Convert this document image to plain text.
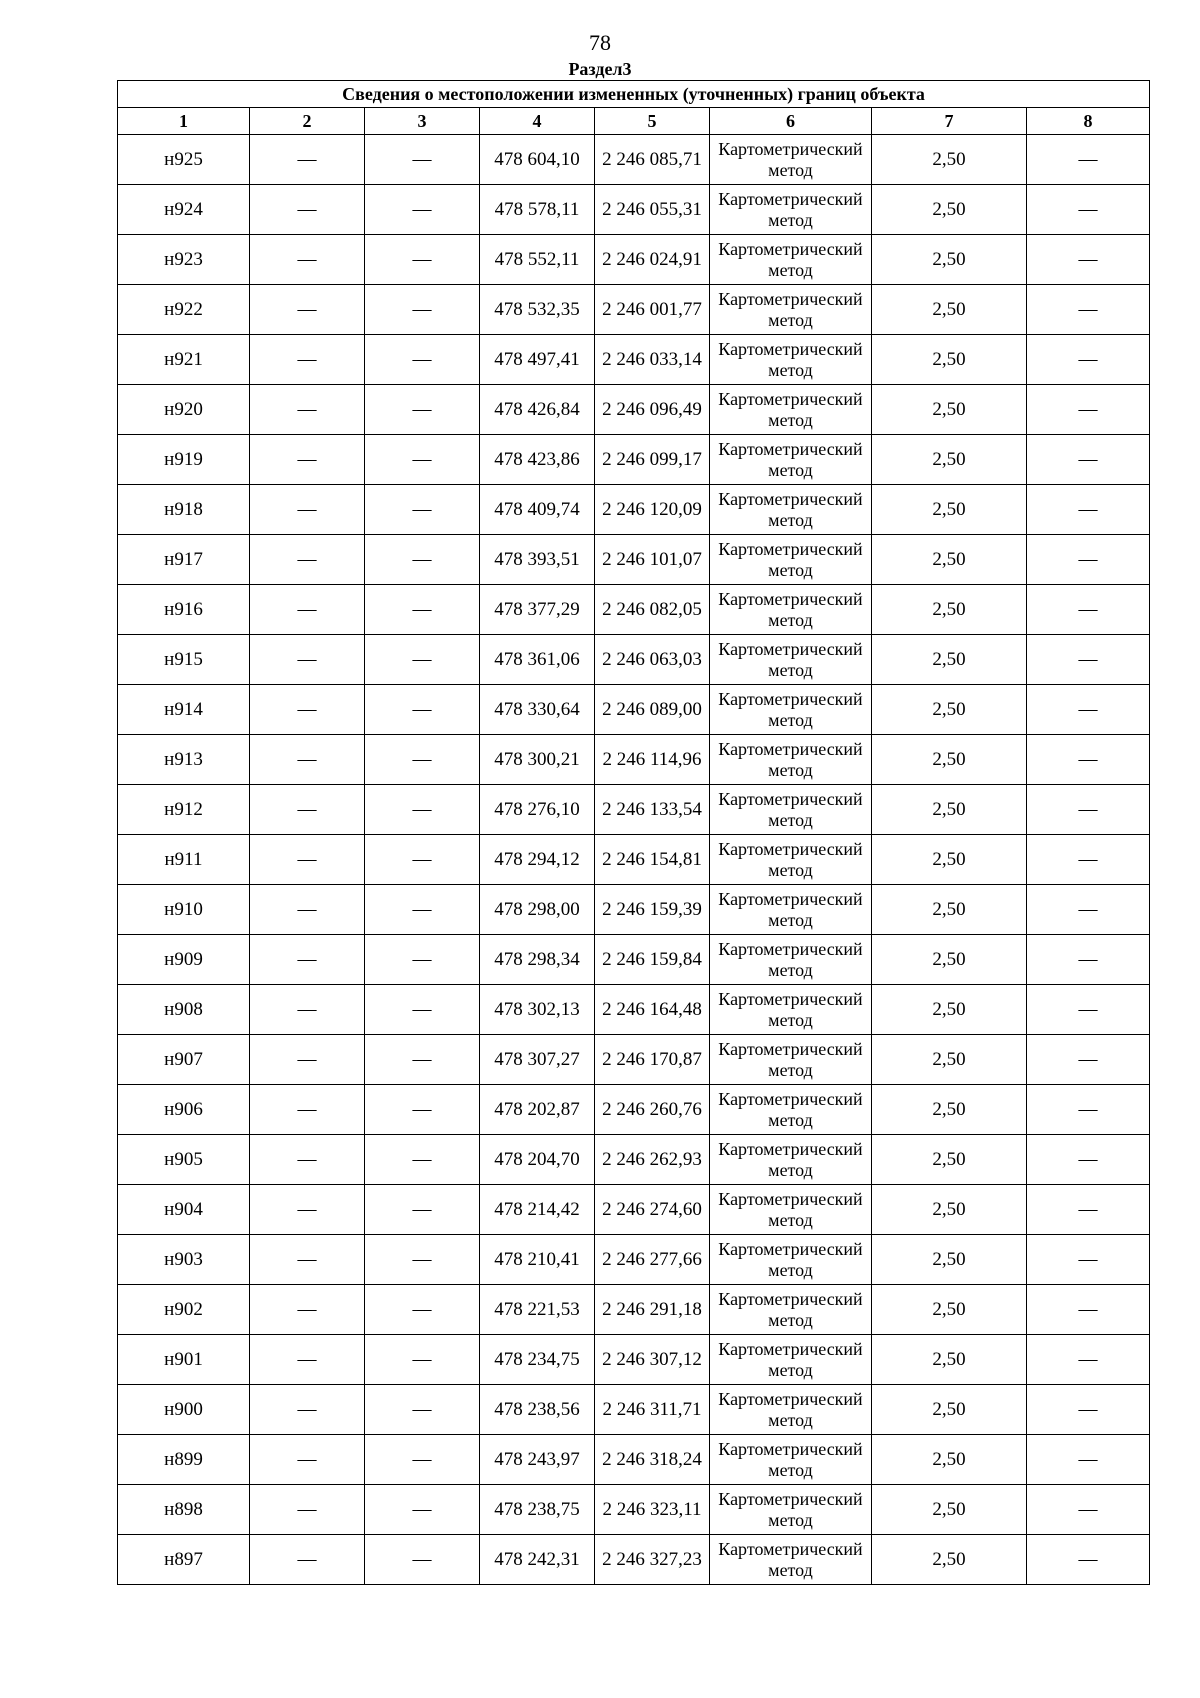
78
Раздел3
Сведения о местоположении измененных (уточненных) границ объекта							
1	2	3	4	5	6	7	8
н925	—	—	478 604,10	2 246 085,71	Картометрический метод	2,50	—
н924	—	—	478 578,11	2 246 055,31	Картометрический метод	2,50	—
н923	—	—	478 552,11	2 246 024,91	Картометрический метод	2,50	—
н922	—	—	478 532,35	2 246 001,77	Картометрический метод	2,50	—
н921	—	—	478 497,41	2 246 033,14	Картометрический метод	2,50	—
н920	—	—	478 426,84	2 246 096,49	Картометрический метод	2,50	—
н919	—	—	478 423,86	2 246 099,17	Картометрический метод	2,50	—
н918	—	—	478 409,74	2 246 120,09	Картометрический метод	2,50	—
н917	—	—	478 393,51	2 246 101,07	Картометрический метод	2,50	—
н916	—	—	478 377,29	2 246 082,05	Картометрический метод	2,50	—
н915	—	—	478 361,06	2 246 063,03	Картометрический метод	2,50	—
н914	—	—	478 330,64	2 246 089,00	Картометрический метод	2,50	—
н913	—	—	478 300,21	2 246 114,96	Картометрический метод	2,50	—
н912	—	—	478 276,10	2 246 133,54	Картометрический метод	2,50	—
н911	—	—	478 294,12	2 246 154,81	Картометрический метод	2,50	—
н910	—	—	478 298,00	2 246 159,39	Картометрический метод	2,50	—
н909	—	—	478 298,34	2 246 159,84	Картометрический метод	2,50	—
н908	—	—	478 302,13	2 246 164,48	Картометрический метод	2,50	—
н907	—	—	478 307,27	2 246 170,87	Картометрический метод	2,50	—
н906	—	—	478 202,87	2 246 260,76	Картометрический метод	2,50	—
н905	—	—	478 204,70	2 246 262,93	Картометрический метод	2,50	—
н904	—	—	478 214,42	2 246 274,60	Картометрический метод	2,50	—
н903	—	—	478 210,41	2 246 277,66	Картометрический метод	2,50	—
н902	—	—	478 221,53	2 246 291,18	Картометрический метод	2,50	—
н901	—	—	478 234,75	2 246 307,12	Картометрический метод	2,50	—
н900	—	—	478 238,56	2 246 311,71	Картометрический метод	2,50	—
н899	—	—	478 243,97	2 246 318,24	Картометрический метод	2,50	—
н898	—	—	478 238,75	2 246 323,11	Картометрический метод	2,50	—
н897	—	—	478 242,31	2 246 327,23	Картометрический метод	2,50	—
